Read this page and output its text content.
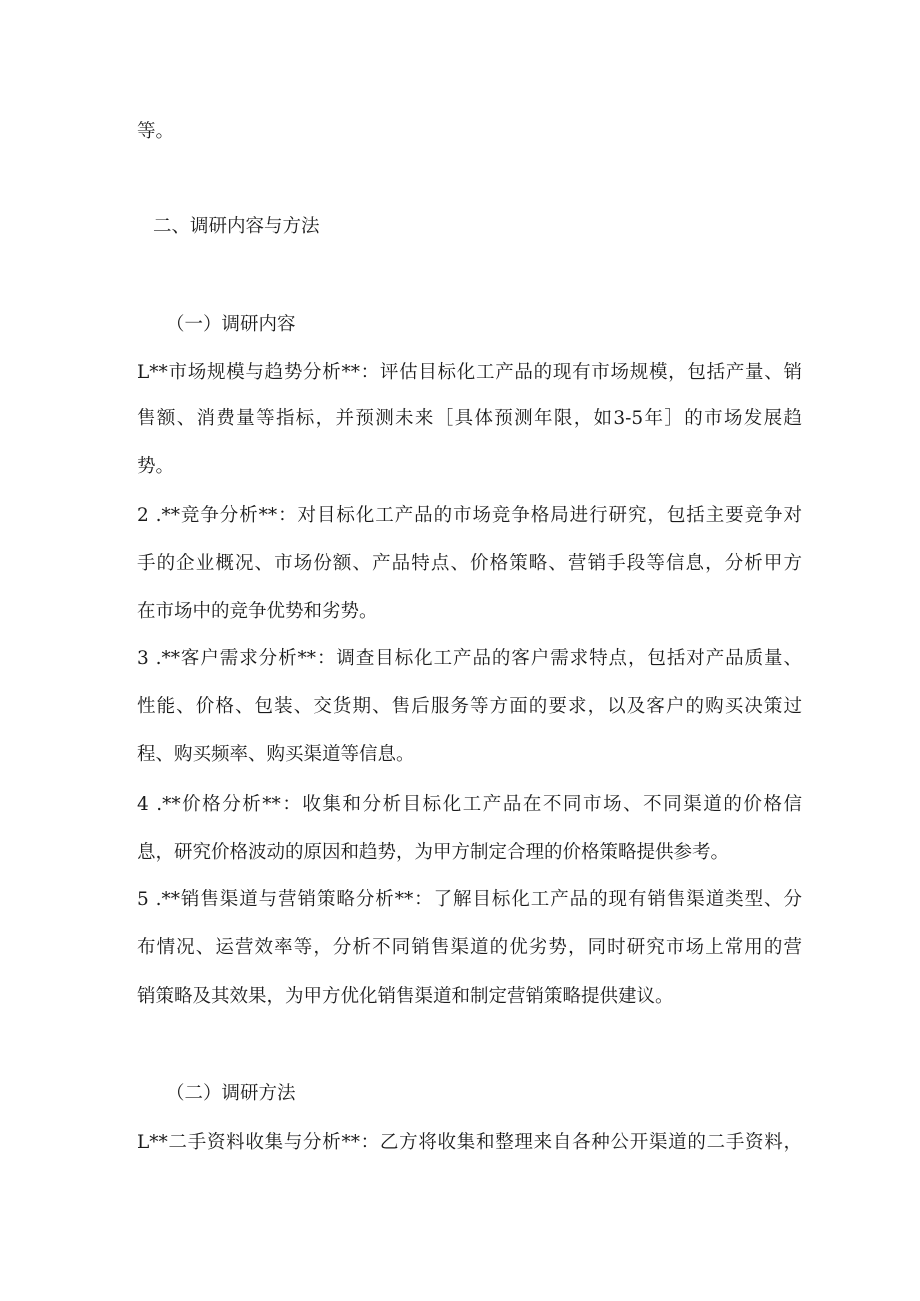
等。
二、调研内容与方法
（一）调研内容
L**市场规模与趋势分析**：评估目标化工产品的现有市场规模，包括产量、销
售额、消费量等指标，并预测未来［具体预测年限，如3-5年］的市场发展趋
势。
2 .**竞争分析**：对目标化工产品的市场竞争格局进行研究，包括主要竞争对
手的企业概况、市场份额、产品特点、价格策略、营销手段等信息，分析甲方
在市场中的竞争优势和劣势。
3 .**客户需求分析**：调查目标化工产品的客户需求特点，包括对产品质量、
性能、价格、包装、交货期、售后服务等方面的要求，以及客户的购买决策过
程、购买频率、购买渠道等信息。
4 .**价格分析**：收集和分析目标化工产品在不同市场、不同渠道的价格信
息，研究价格波动的原因和趋势，为甲方制定合理的价格策略提供参考。
5 .**销售渠道与营销策略分析**：了解目标化工产品的现有销售渠道类型、分
布情况、运营效率等，分析不同销售渠道的优劣势，同时研究市场上常用的营
销策略及其效果，为甲方优化销售渠道和制定营销策略提供建议。
（二）调研方法
L**二手资料收集与分析**：乙方将收集和整理来自各种公开渠道的二手资料，
